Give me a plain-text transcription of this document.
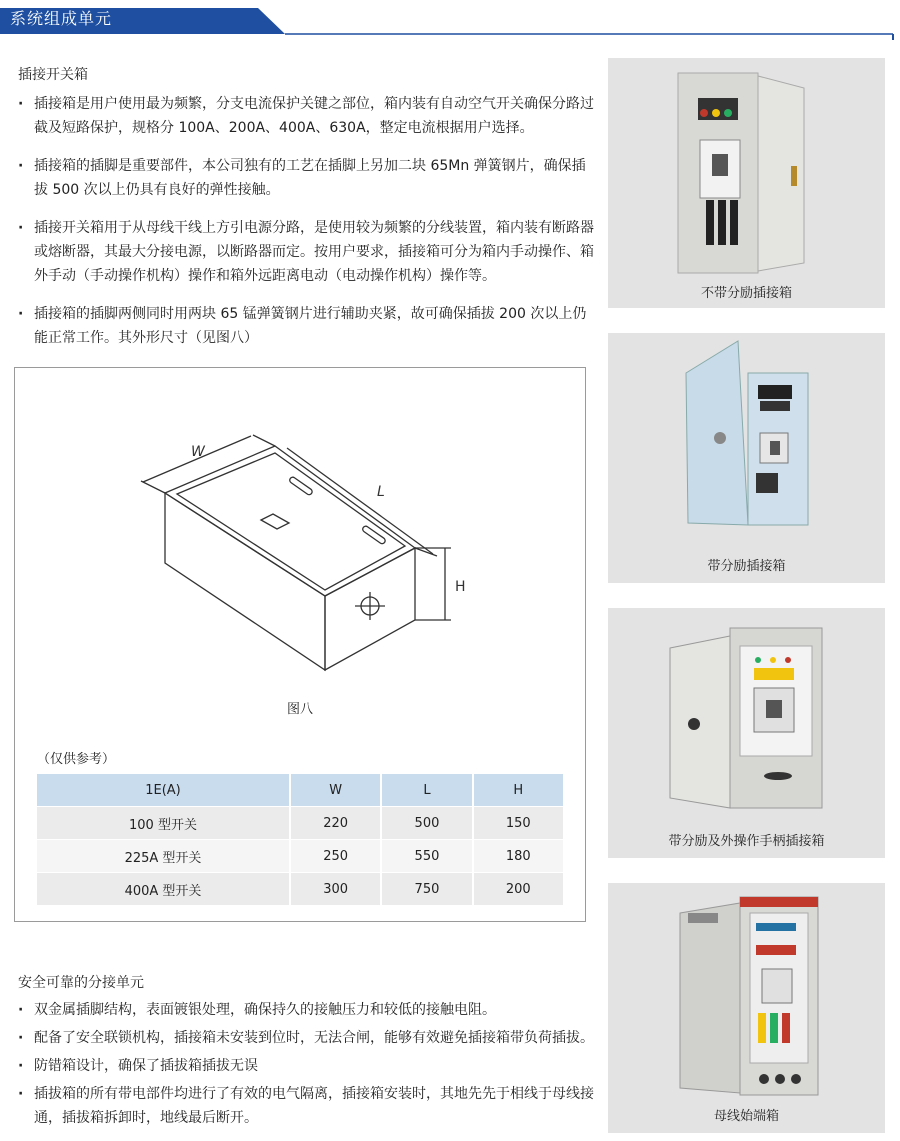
系统组成单元
插接开关箱
· 插接箱是用户使用最为频繁，分支电流保护关键之部位，箱内装有自动空气开关确保分路过截及短路保护，规格分 100A、200A、400A、630A，整定电流根据用户选择。
· 插接箱的插脚是重要部件，本公司独有的工艺在插脚上另加二块 65Mn 弹簧钢片，确保插拔 500 次以上仍具有良好的弹性接触。
· 插接开关箱用于从母线干线上方引电源分路，是使用较为频繁的分线装置，箱内装有断路器或熔断器，其最大分接电源，以断路器而定。按用户要求，插接箱可分为箱内手动操作、箱外手动（手动操作机构）操作和箱外远距离电动（电动操作机构）操作等。
· 插接箱的插脚两侧同时用两块 65 锰弹簧钢片进行辅助夹紧，故可确保插拔 200 次以上仍能正常工作。其外形尺寸（见图八）
W
L
H
图八
（仅供参考）
1E(A)	W	L	H
100 型开关	220	500	150
225A 型开关	250	550	180
400A 型开关	300	750	200
安全可靠的分接单元
· 双金属插脚结构，表面镀银处理，确保持久的接触压力和较低的接触电阻。
· 配备了安全联锁机构，插接箱未安装到位时，无法合闸，能够有效避免插接箱带负荷插拔。
· 防错箱设计，确保了插拔箱插拔无误
· 插拔箱的所有带电部件均进行了有效的电气隔离，插接箱安装时，其地先先于相线于母线接通，插拔箱拆卸时，地线最后断开。
不带分励插接箱
带分励插接箱
带分励及外操作手柄插接箱
母线始端箱
